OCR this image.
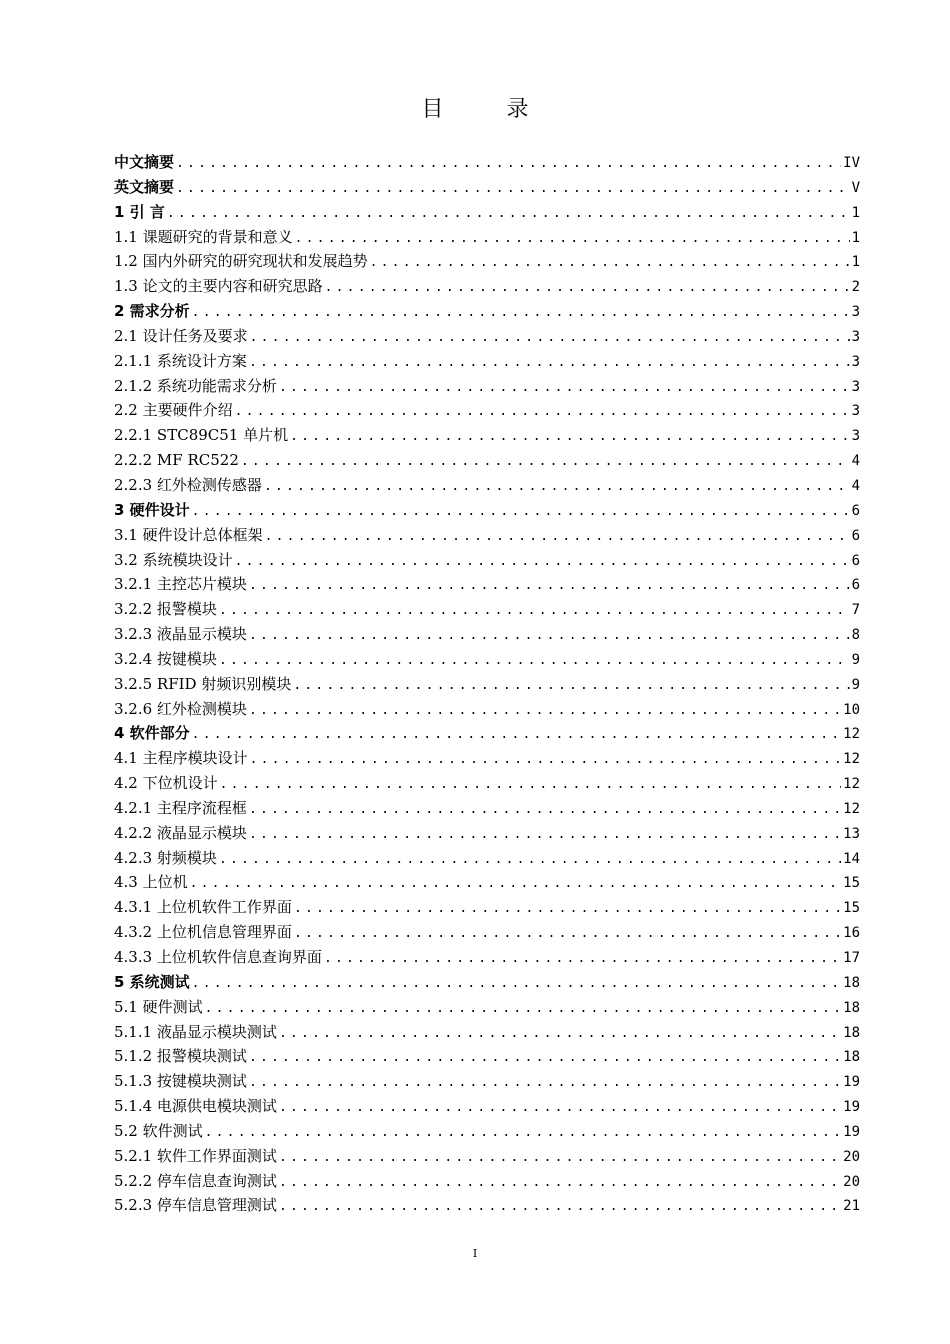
目 录
中文摘要 .....	IV
英文摘要 .....	V
1 引 言 .....	1
1.1 课题研究的背景和意义 .....	1
1.2 国内外研究的研究现状和发展趋势 .....	1
1.3 论文的主要内容和研究思路 .....	2
2 需求分析 .....	3
2.1 设计任务及要求 .....	3
2.1.1 系统设计方案 .....	3
2.1.2 系统功能需求分析 .....	3
2.2 主要硬件介绍 .....	3
2.2.1 STC89C51 单片机 .....	3
2.2.2 MF RC522 .....	4
2.2.3 红外检测传感器 .....	4
3 硬件设计 .....	6
3.1 硬件设计总体框架 .....	6
3.2 系统模块设计 .....	6
3.2.1 主控芯片模块 .....	6
3.2.2 报警模块 .....	7
3.2.3 液晶显示模块 .....	8
3.2.4 按键模块 .....	9
3.2.5 RFID 射频识别模块 .....	9
3.2.6 红外检测模块 .....	10
4 软件部分 .....	12
4.1 主程序模块设计 .....	12
4.2 下位机设计 .....	12
4.2.1 主程序流程框 .....	12
4.2.2 液晶显示模块 .....	13
4.2.3 射频模块 .....	14
4.3 上位机 .....	15
4.3.1 上位机软件工作界面 .....	15
4.3.2 上位机信息管理界面 .....	16
4.3.3 上位机软件信息查询界面 .....	17
5 系统测试 .....	18
5.1 硬件测试 .....	18
5.1.1 液晶显示模块测试 .....	18
5.1.2 报警模块测试 .....	18
5.1.3 按键模块测试 .....	19
5.1.4 电源供电模块测试 .....	19
5.2 软件测试 .....	19
5.2.1 软件工作界面测试 .....	20
5.2.2 停车信息查询测试 .....	20
5.2.3 停车信息管理测试 .....	21
I
